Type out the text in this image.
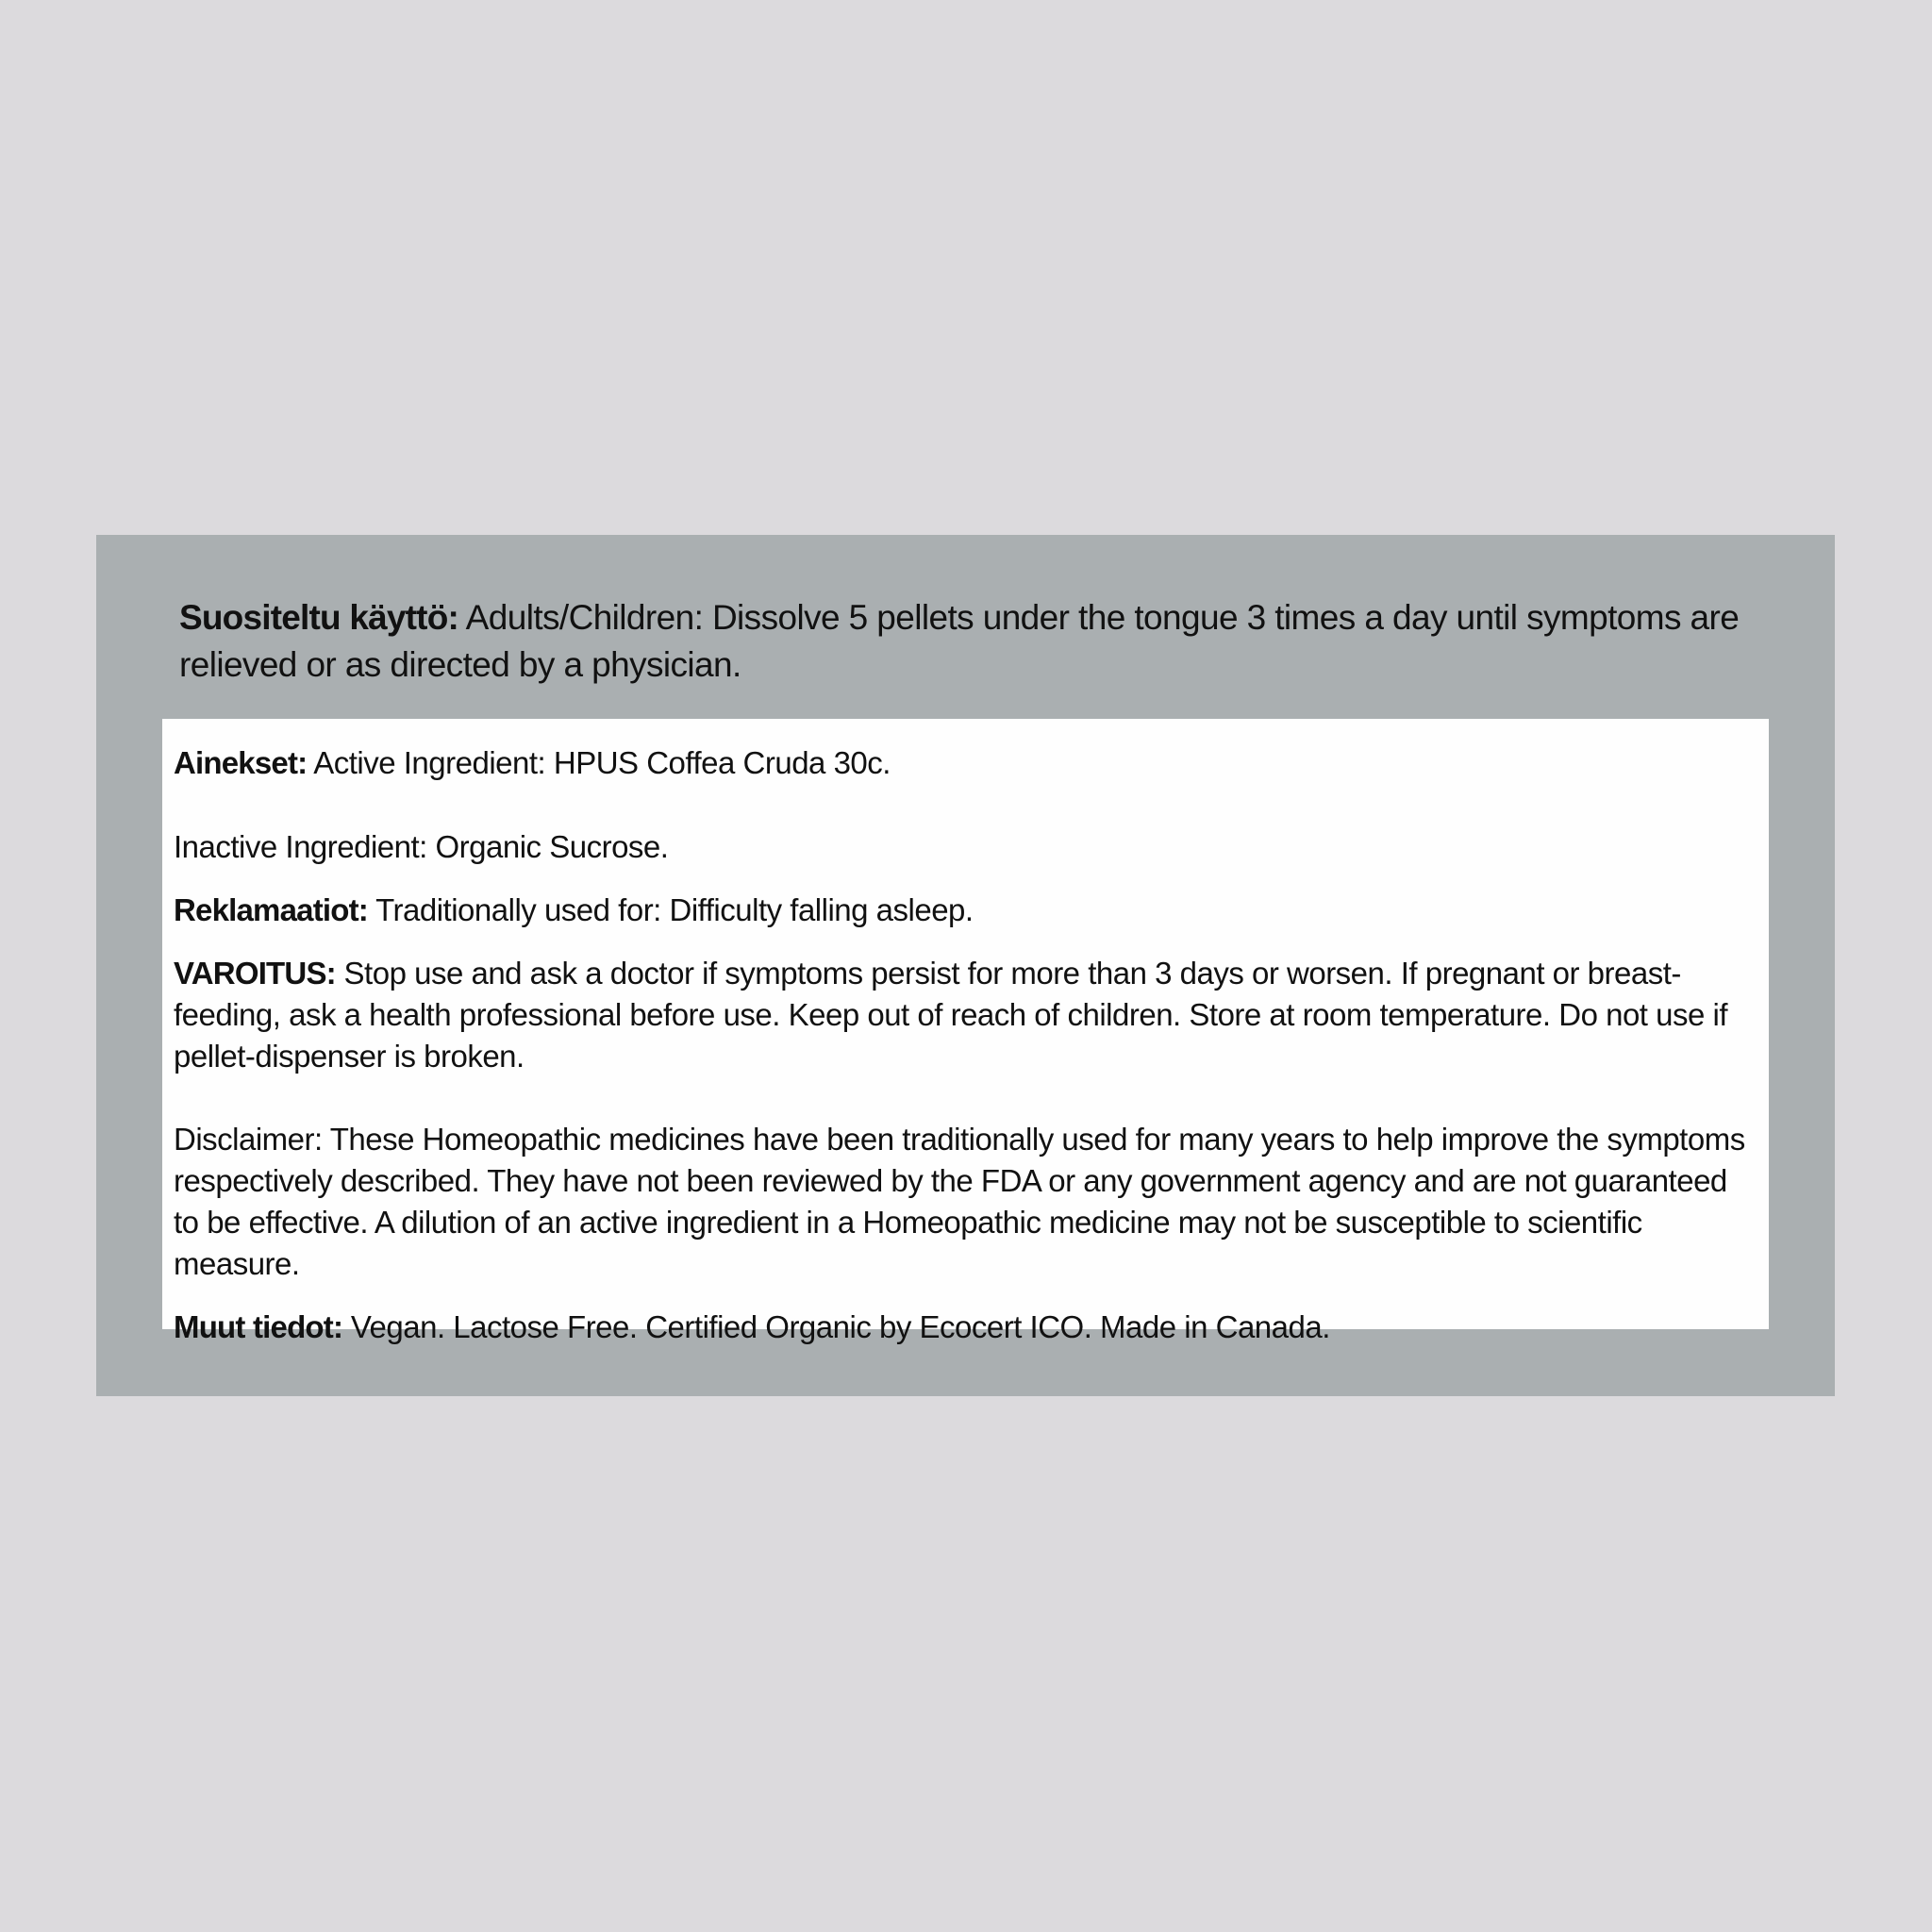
Suositeltu käyttö: Adults/Children: Dissolve 5 pellets under the tongue 3 times a day until symptoms are relieved or as directed by a physician.

Ainekset: Active Ingredient: HPUS Coffea Cruda 30c.

Inactive Ingredient: Organic Sucrose.

Reklamaatiot: Traditionally used for: Difficulty falling asleep.

VAROITUS: Stop use and ask a doctor if symptoms persist for more than 3 days or worsen. If pregnant or breast-feeding, ask a health professional before use. Keep out of reach of children. Store at room temperature. Do not use if pellet-dispenser is broken.

Disclaimer: These Homeopathic medicines have been traditionally used for many years to help improve the symptoms respectively described. They have not been reviewed by the FDA or any government agency and are not guaranteed to be effective. A dilution of an active ingredient in a Homeopathic medicine may not be susceptible to scientific measure.

Muut tiedot: Vegan. Lactose Free. Certified Organic by Ecocert ICO. Made in Canada.
